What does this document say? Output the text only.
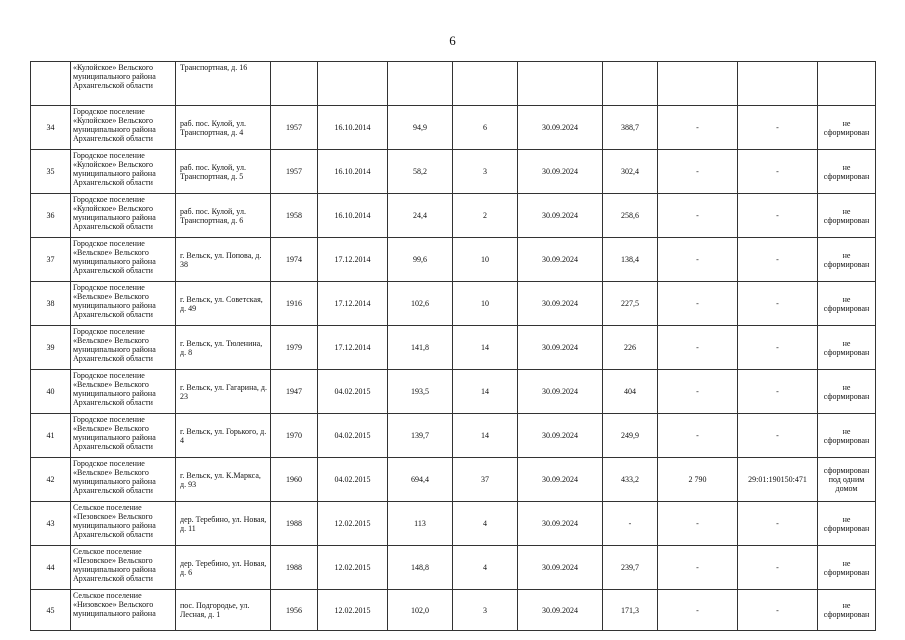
6
	«Кулойское» Вельского муниципального района Архангельской области	Транспортная, д. 16									
34	Городское поселение «Кулойское» Вельского муниципального района Архангельской области	раб. пос. Кулой, ул. Транспортная, д. 4	1957	16.10.2014	94,9	6	30.09.2024	388,7	-	-	не сформирован
35	Городское поселение «Кулойское» Вельского муниципального района Архангельской области	раб. пос. Кулой, ул. Транспортная, д. 5	1957	16.10.2014	58,2	3	30.09.2024	302,4	-	-	не сформирован
36	Городское поселение «Кулойское» Вельского муниципального района Архангельской области	раб. пос. Кулой, ул. Транспортная, д. 6	1958	16.10.2014	24,4	2	30.09.2024	258,6	-	-	не сформирован
37	Городское поселение «Вельское» Вельского муниципального района Архангельской области	г. Вельск, ул. Попова, д. 38	1974	17.12.2014	99,6	10	30.09.2024	138,4	-	-	не сформирован
38	Городское поселение «Вельское» Вельского муниципального района Архангельской области	г. Вельск, ул. Советская, д. 49	1916	17.12.2014	102,6	10	30.09.2024	227,5	-	-	не сформирован
39	Городское поселение «Вельское» Вельского муниципального района Архангельской области	г. Вельск, ул. Тюленина, д. 8	1979	17.12.2014	141,8	14	30.09.2024	226	-	-	не сформирован
40	Городское поселение «Вельское» Вельского муниципального района Архангельской области	г. Вельск, ул. Гагарина, д. 23	1947	04.02.2015	193,5	14	30.09.2024	404	-	-	не сформирован
41	Городское поселение «Вельское» Вельского муниципального района Архангельской области	г. Вельск, ул. Горького, д. 4	1970	04.02.2015	139,7	14	30.09.2024	249,9	-	-	не сформирован
42	Городское поселение «Вельское» Вельского муниципального района Архангельской области	г. Вельск, ул. К.Маркса, д. 93	1960	04.02.2015	694,4	37	30.09.2024	433,2	2 790	29:01:190150:471	сформирован под одним домом
43	Сельское поселение «Пезовское» Вельского муниципального района Архангельской области	дер. Теребино, ул. Новая, д. 11	1988	12.02.2015	113	4	30.09.2024	-	-	-	не сформирован
44	Сельское поселение «Пезовское» Вельского муниципального района Архангельской области	дер. Теребино, ул. Новая, д. 6	1988	12.02.2015	148,8	4	30.09.2024	239,7	-	-	не сформирован
45	Сельское поселение «Низовское» Вельского муниципального района	пос. Подгородье, ул. Лесная, д. 1	1956	12.02.2015	102,0	3	30.09.2024	171,3	-	-	не сформирован
